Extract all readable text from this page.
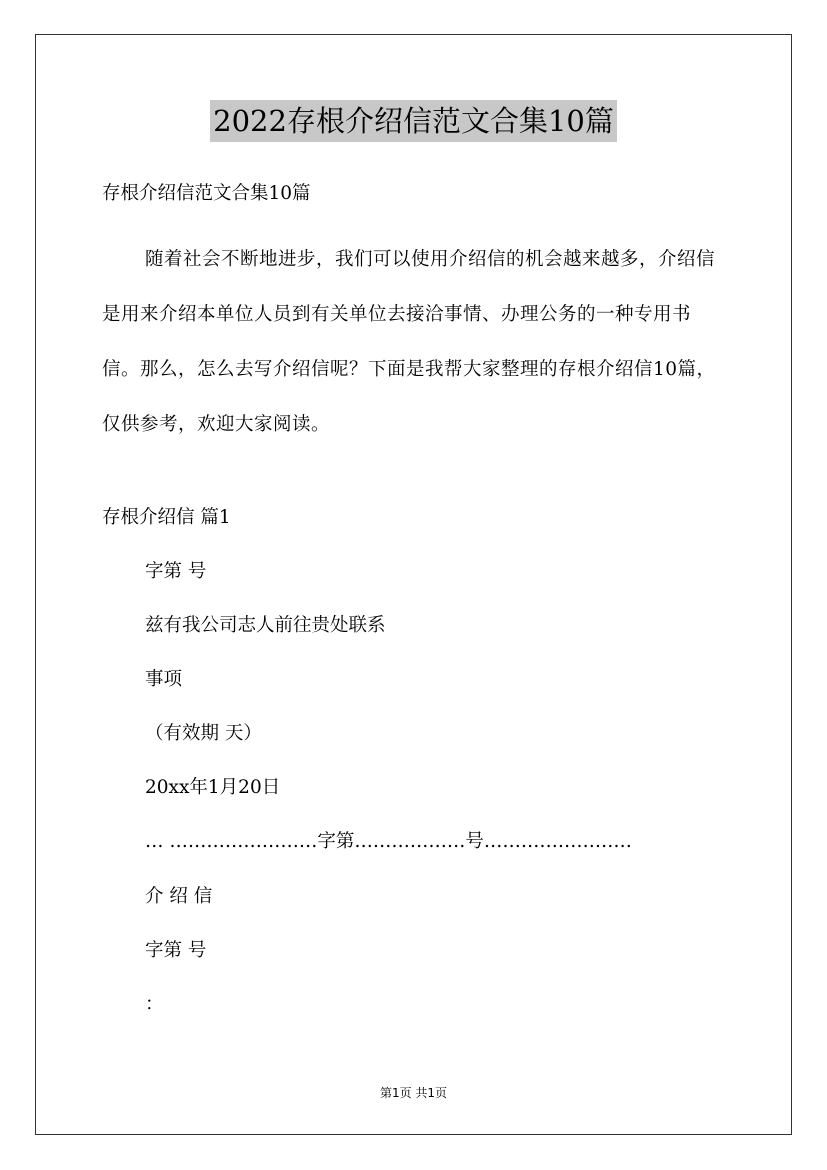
2022存根介绍信范文合集10篇
存根介绍信范文合集10篇
随着社会不断地进步，我们可以使用介绍信的机会越来越多，介绍信是用来介绍本单位人员到有关单位去接洽事情、办理公务的一种专用书信。那么，怎么去写介绍信呢？下面是我帮大家整理的存根介绍信10篇，仅供参考，欢迎大家阅读。
存根介绍信 篇1
字第 号
兹有我公司志人前往贵处联系
事项
（有效期 天）
20xx年1月20日
… ……………………字第………………号……………………
介 绍 信
字第 号
：
第1页 共1页
